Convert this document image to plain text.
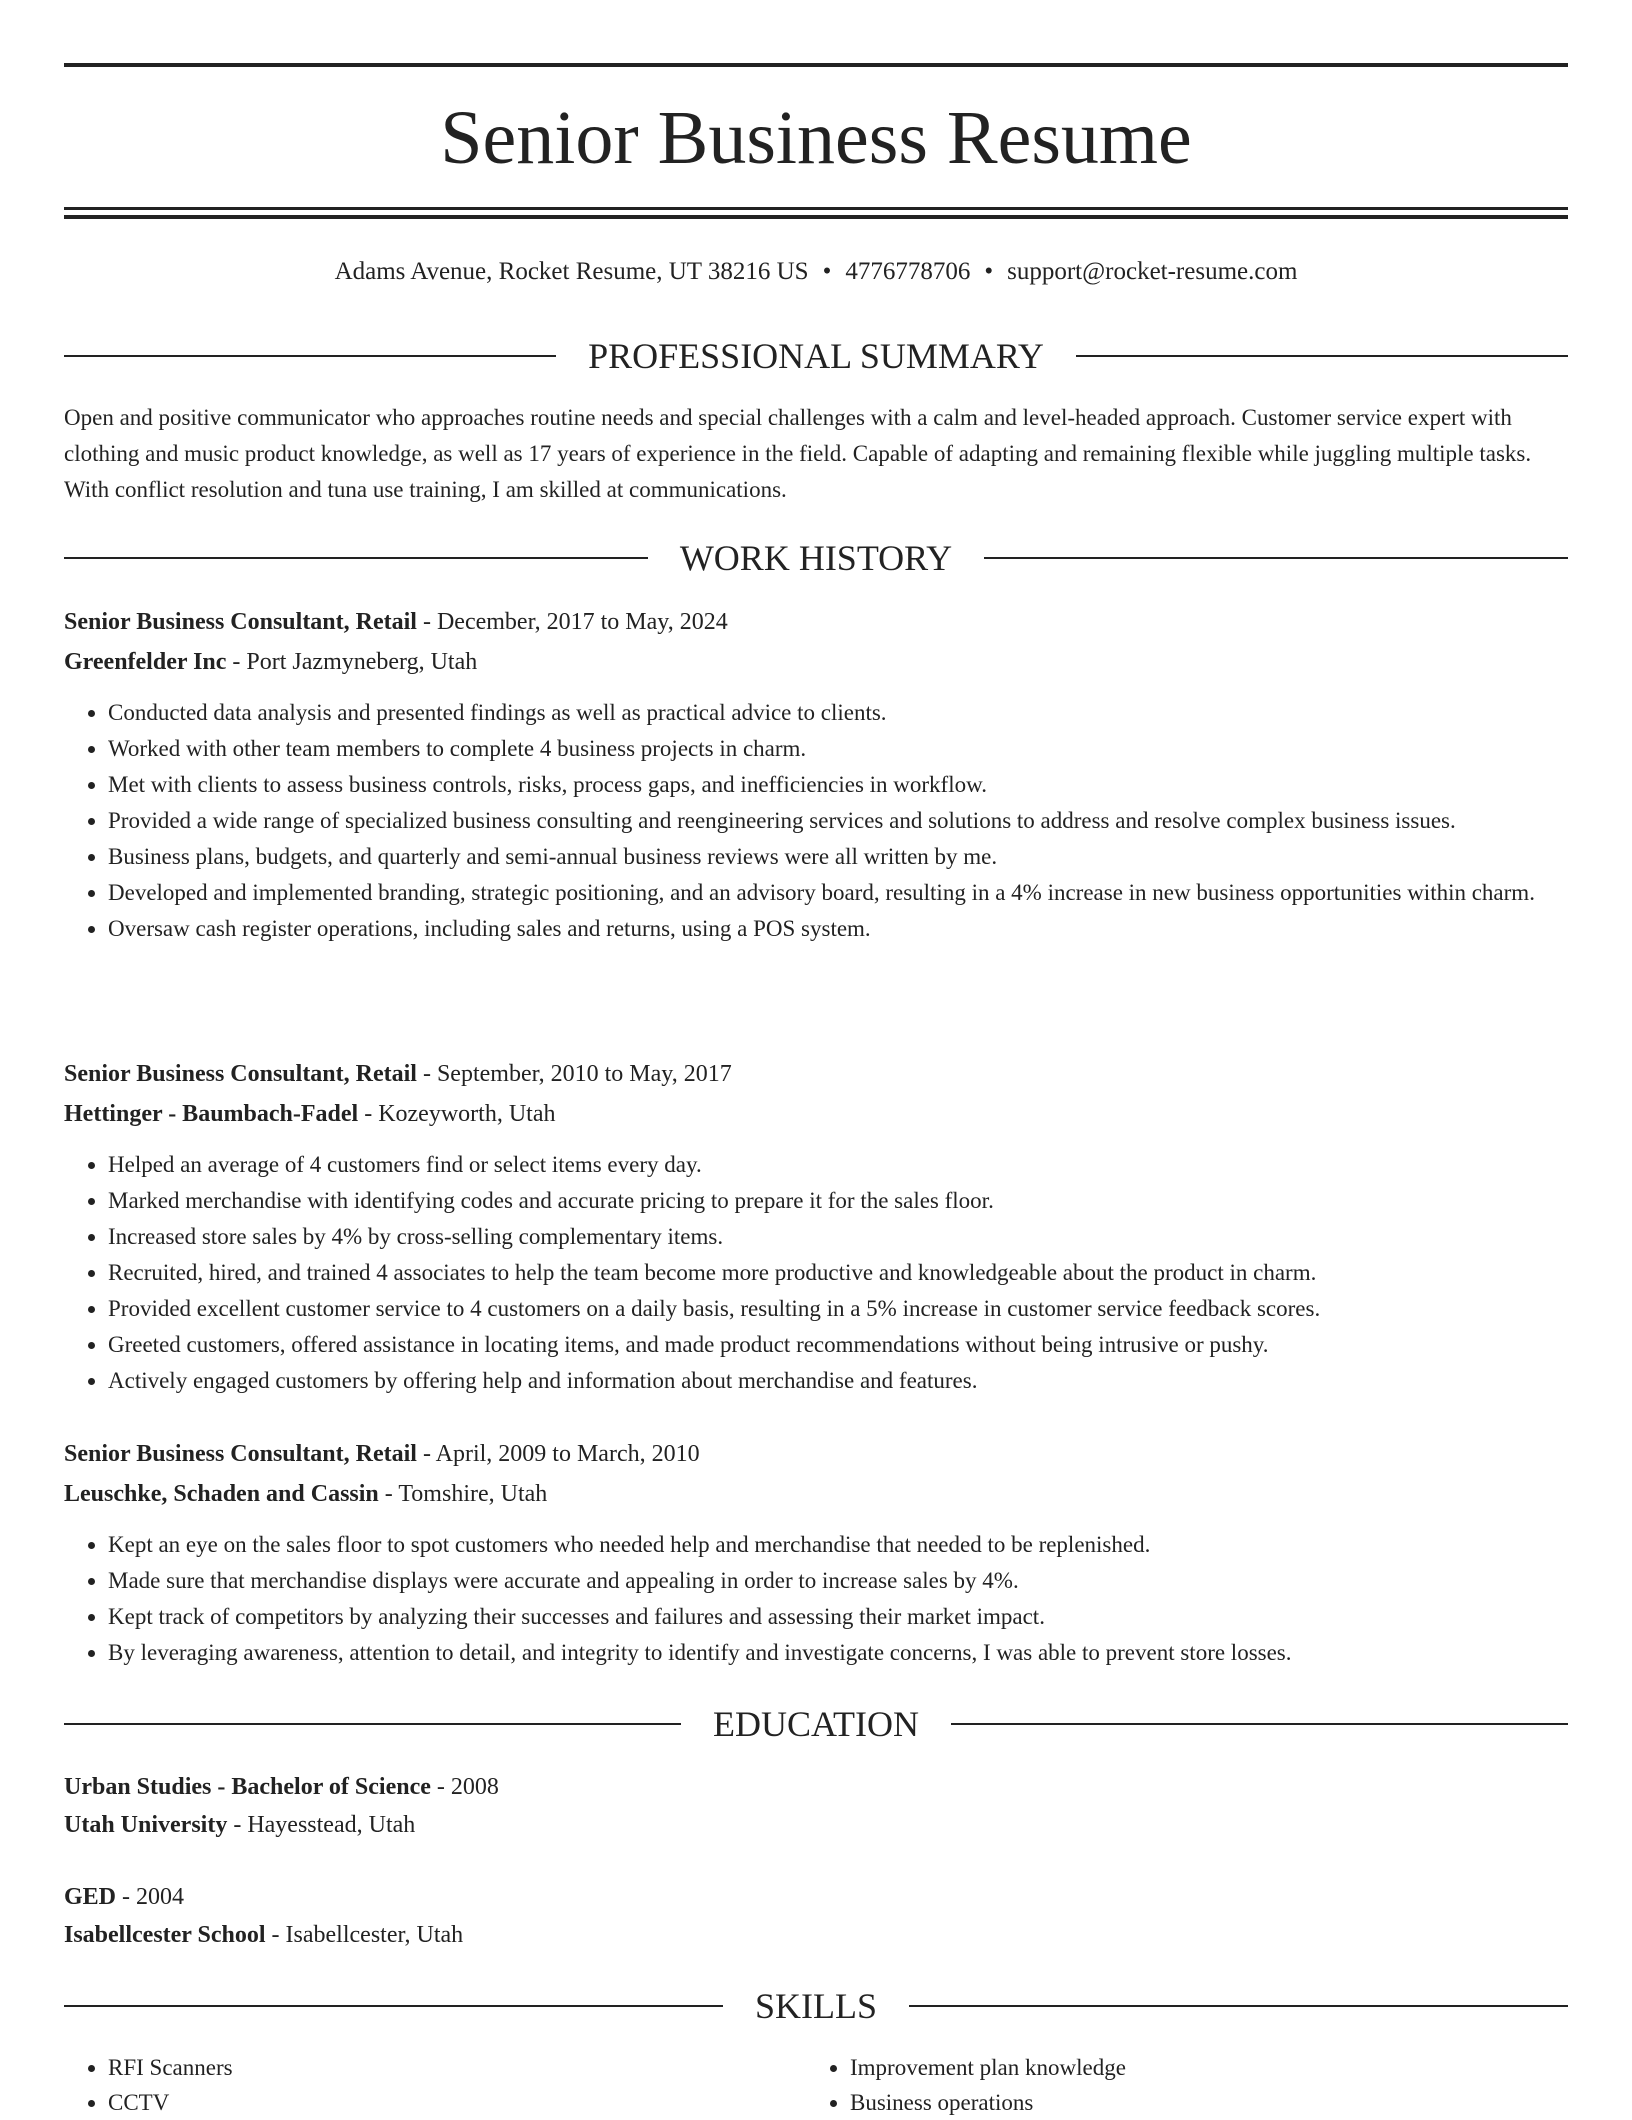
Senior Business Resume
Adams Avenue, Rocket Resume, UT 38216 US • 4776778706 • support@rocket-resume.com
PROFESSIONAL SUMMARY
Open and positive communicator who approaches routine needs and special challenges with a calm and level-headed approach. Customer service expert with clothing and music product knowledge, as well as 17 years of experience in the field. Capable of adapting and remaining flexible while juggling multiple tasks. With conflict resolution and tuna use training, I am skilled at communications.
WORK HISTORY
Senior Business Consultant, Retail - December, 2017 to May, 2024
Greenfelder Inc - Port Jazmyneberg, Utah
• Conducted data analysis and presented findings as well as practical advice to clients.
• Worked with other team members to complete 4 business projects in charm.
• Met with clients to assess business controls, risks, process gaps, and inefficiencies in workflow.
• Provided a wide range of specialized business consulting and reengineering services and solutions to address and resolve complex business issues.
• Business plans, budgets, and quarterly and semi-annual business reviews were all written by me.
• Developed and implemented branding, strategic positioning, and an advisory board, resulting in a 4% increase in new business opportunities within charm.
• Oversaw cash register operations, including sales and returns, using a POS system.
Senior Business Consultant, Retail - September, 2010 to May, 2017
Hettinger - Baumbach-Fadel - Kozeyworth, Utah
• Helped an average of 4 customers find or select items every day.
• Marked merchandise with identifying codes and accurate pricing to prepare it for the sales floor.
• Increased store sales by 4% by cross-selling complementary items.
• Recruited, hired, and trained 4 associates to help the team become more productive and knowledgeable about the product in charm.
• Provided excellent customer service to 4 customers on a daily basis, resulting in a 5% increase in customer service feedback scores.
• Greeted customers, offered assistance in locating items, and made product recommendations without being intrusive or pushy.
• Actively engaged customers by offering help and information about merchandise and features.
Senior Business Consultant, Retail - April, 2009 to March, 2010
Leuschke, Schaden and Cassin - Tomshire, Utah
• Kept an eye on the sales floor to spot customers who needed help and merchandise that needed to be replenished.
• Made sure that merchandise displays were accurate and appealing in order to increase sales by 4%.
• Kept track of competitors by analyzing their successes and failures and assessing their market impact.
• By leveraging awareness, attention to detail, and integrity to identify and investigate concerns, I was able to prevent store losses.
EDUCATION
Urban Studies - Bachelor of Science - 2008
Utah University - Hayesstead, Utah
GED - 2004
Isabellcester School - Isabellcester, Utah
SKILLS
• RFI Scanners
• CCTV
• Improvement plan knowledge
• Business operations
